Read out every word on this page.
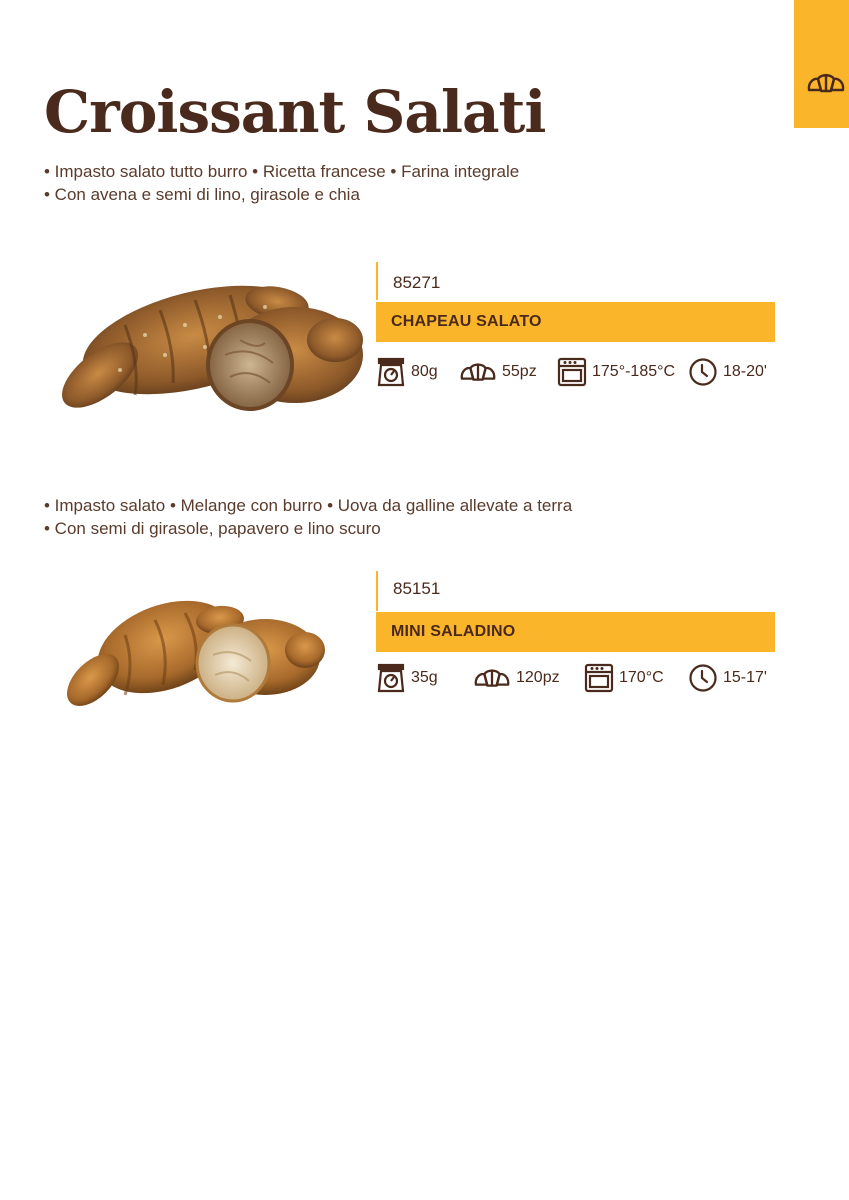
Croissant Salati
• Impasto salato tutto burro • Ricetta francese • Farina integrale
• Con avena e semi di lino, girasole e chia
85271
CHAPEAU SALATO
80g	55pz	175°-185°C	18-20'
• Impasto salato • Melange con burro • Uova da galline allevate a terra
• Con semi di girasole, papavero e lino scuro
85151
MINI SALADINO
35g	120pz	170°C	15-17'
